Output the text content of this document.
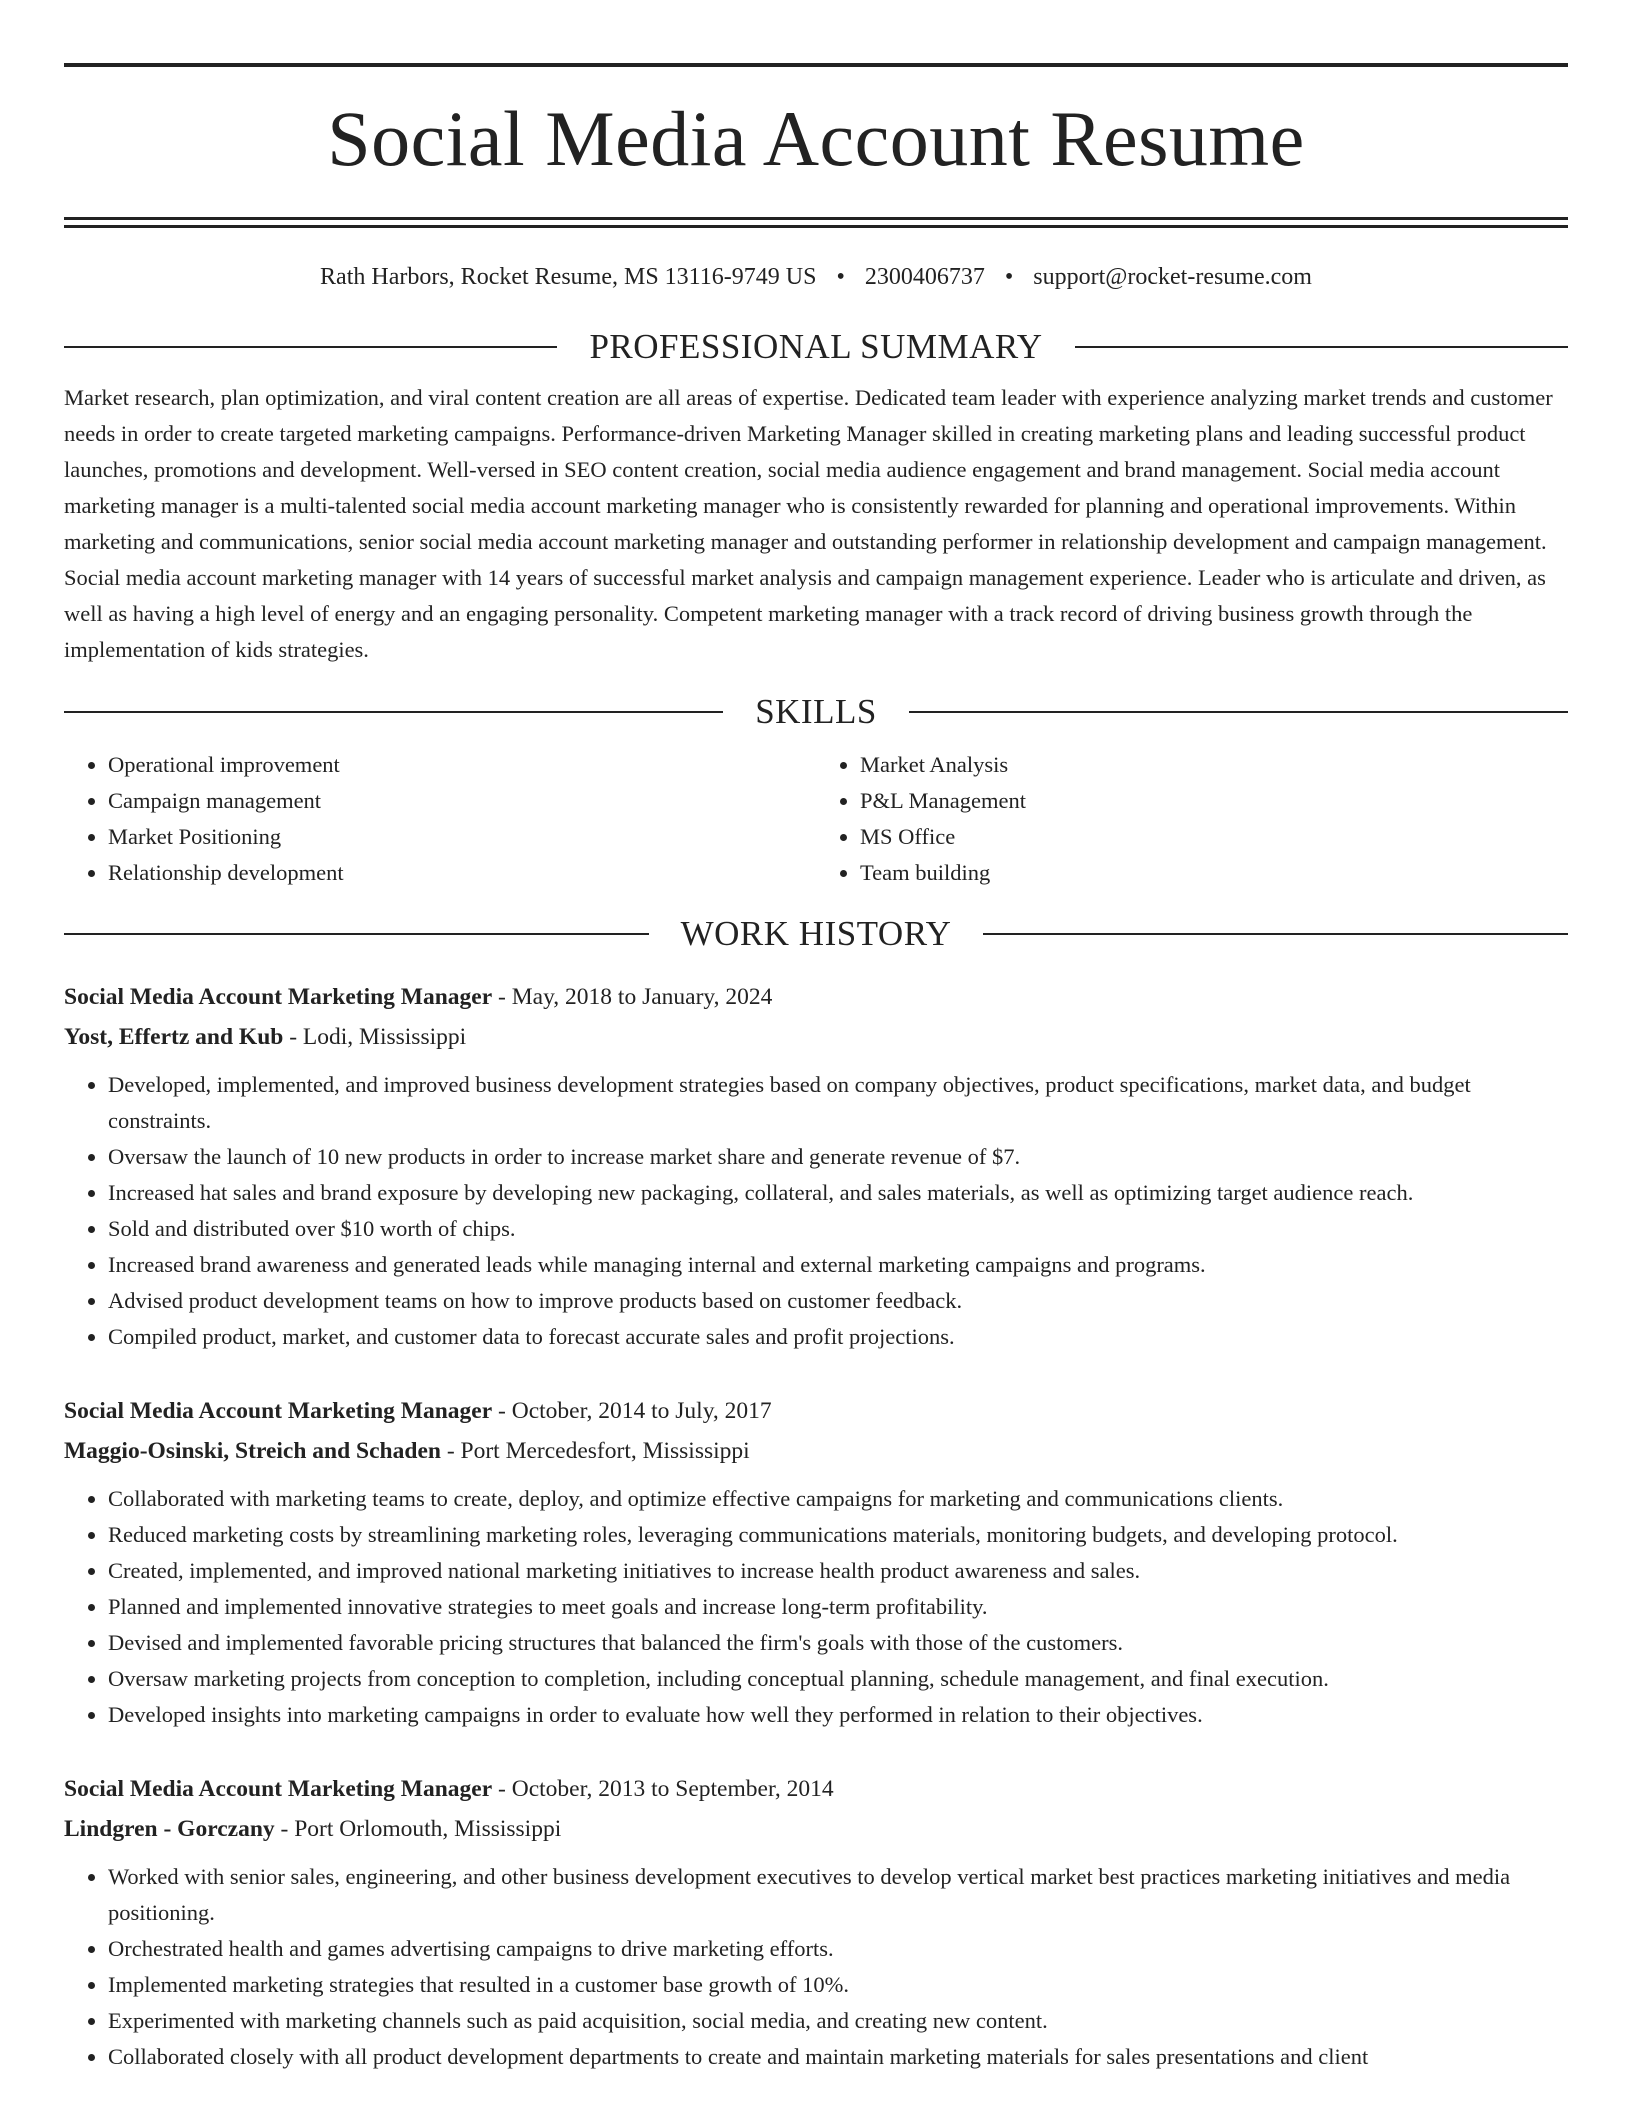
Social Media Account Resume
Rath Harbors, Rocket Resume, MS 13116-9749 US • 2300406737 • support@rocket-resume.com
PROFESSIONAL SUMMARY

Market research, plan optimization, and viral content creation are all areas of expertise. Dedicated team leader with experience analyzing market trends and customer needs in order to create targeted marketing campaigns. Performance-driven Marketing Manager skilled in creating marketing plans and leading successful product launches, promotions and development. Well-versed in SEO content creation, social media audience engagement and brand management. Social media account marketing manager is a multi-talented social media account marketing manager who is consistently rewarded for planning and operational improvements. Within marketing and communications, senior social media account marketing manager and outstanding performer in relationship development and campaign management. Social media account marketing manager with 14 years of successful market analysis and campaign management experience. Leader who is articulate and driven, as well as having a high level of energy and an engaging personality. Competent marketing manager with a track record of driving business growth through the implementation of kids strategies.

SKILLS
• Operational improvement
• Campaign management
• Market Positioning
• Relationship development
• Market Analysis
• P&L Management
• MS Office
• Team building
WORK HISTORY
Social Media Account Marketing Manager - May, 2018 to January, 2024
Yost, Effertz and Kub - Lodi, Mississippi
• Developed, implemented, and improved business development strategies based on company objectives, product specifications, market data, and budget constraints.
• Oversaw the launch of 10 new products in order to increase market share and generate revenue of $7.
• Increased hat sales and brand exposure by developing new packaging, collateral, and sales materials, as well as optimizing target audience reach.
• Sold and distributed over $10 worth of chips.
• Increased brand awareness and generated leads while managing internal and external marketing campaigns and programs.
• Advised product development teams on how to improve products based on customer feedback.
• Compiled product, market, and customer data to forecast accurate sales and profit projections.
Social Media Account Marketing Manager - October, 2014 to July, 2017
Maggio-Osinski, Streich and Schaden - Port Mercedesfort, Mississippi
• Collaborated with marketing teams to create, deploy, and optimize effective campaigns for marketing and communications clients.
• Reduced marketing costs by streamlining marketing roles, leveraging communications materials, monitoring budgets, and developing protocol.
• Created, implemented, and improved national marketing initiatives to increase health product awareness and sales.
• Planned and implemented innovative strategies to meet goals and increase long-term profitability.
• Devised and implemented favorable pricing structures that balanced the firm's goals with those of the customers.
• Oversaw marketing projects from conception to completion, including conceptual planning, schedule management, and final execution.
• Developed insights into marketing campaigns in order to evaluate how well they performed in relation to their objectives.
Social Media Account Marketing Manager - October, 2013 to September, 2014
Lindgren - Gorczany - Port Orlomouth, Mississippi
• Worked with senior sales, engineering, and other business development executives to develop vertical market best practices marketing initiatives and media positioning.
• Orchestrated health and games advertising campaigns to drive marketing efforts.
• Implemented marketing strategies that resulted in a customer base growth of 10%.
• Experimented with marketing channels such as paid acquisition, social media, and creating new content.
• Collaborated closely with all product development departments to create and maintain marketing materials for sales presentations and client
